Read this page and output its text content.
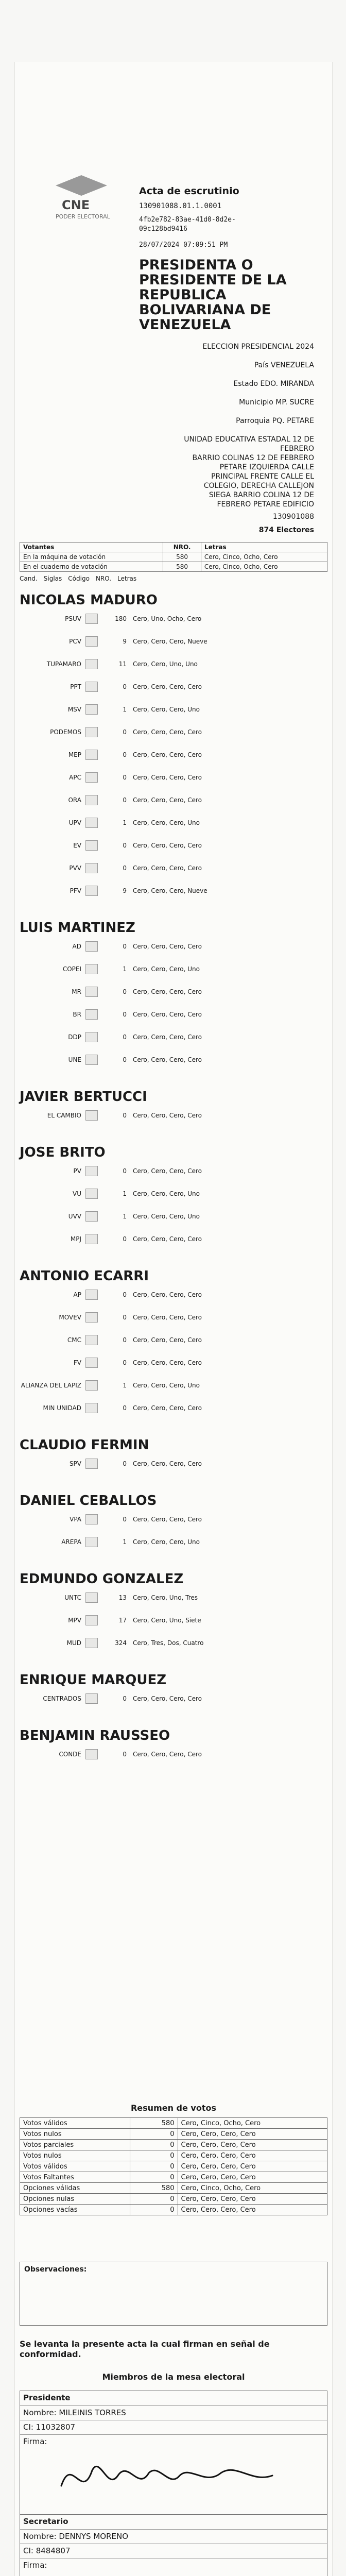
CNE
PODER ELECTORAL
Acta de escrutinio
130901088.01.1.0001
4fb2e782-83ae-41d0-8d2e-
09c128bd9416
28/07/2024 07:09:51 PM
PRESIDENTA O
PRESIDENTE DE LA
REPUBLICA
BOLIVARIANA DE
VENEZUELA
ELECCION PRESIDENCIAL 2024
País VENEZUELA
Estado EDO. MIRANDA
Municipio MP. SUCRE
Parroquia PQ. PETARE
UNIDAD EDUCATIVA ESTADAL 12 DE
FEBRERO
BARRIO COLINAS 12 DE FEBRERO
PETARE IZQUIERDA CALLE
PRINCIPAL FRENTE CALLE EL
COLEGIO, DERECHA CALLEJON
SIEGA BARRIO COLINA 12 DE
FEBRERO PETARE EDIFICIO
130901088
874 Electores
Votantes	NRO.	Letras
En la máquina de votación	580	Cero, Cinco, Ocho, Cero
En el cuaderno de votación	580	Cero, Cinco, Ocho, Cero
Cand. Siglas Código NRO. Letras
NICOLAS MADURO
PSUV	180 Cero, Uno, Ocho, Cero
PCV	9 Cero, Cero, Cero, Nueve
TUPAMARO	11 Cero, Cero, Uno, Uno
PPT	0 Cero, Cero, Cero, Cero
MSV	1 Cero, Cero, Cero, Uno
PODEMOS	0 Cero, Cero, Cero, Cero
MEP	0 Cero, Cero, Cero, Cero
APC	0 Cero, Cero, Cero, Cero
ORA	0 Cero, Cero, Cero, Cero
UPV	1 Cero, Cero, Cero, Uno
EV	0 Cero, Cero, Cero, Cero
PVV	0 Cero, Cero, Cero, Cero
PFV	9 Cero, Cero, Cero, Nueve
LUIS MARTINEZ
AD	0 Cero, Cero, Cero, Cero
COPEI	1 Cero, Cero, Cero, Uno
MR	0 Cero, Cero, Cero, Cero
BR	0 Cero, Cero, Cero, Cero
DDP	0 Cero, Cero, Cero, Cero
UNE	0 Cero, Cero, Cero, Cero
JAVIER BERTUCCI
EL CAMBIO	0 Cero, Cero, Cero, Cero
JOSE BRITO
PV	0 Cero, Cero, Cero, Cero
VU	1 Cero, Cero, Cero, Uno
UVV	1 Cero, Cero, Cero, Uno
MPJ	0 Cero, Cero, Cero, Cero
ANTONIO ECARRI
AP	0 Cero, Cero, Cero, Cero
MOVEV	0 Cero, Cero, Cero, Cero
CMC	0 Cero, Cero, Cero, Cero
FV	0 Cero, Cero, Cero, Cero
ALIANZA DEL LAPIZ	1 Cero, Cero, Cero, Uno
MIN UNIDAD	0 Cero, Cero, Cero, Cero
CLAUDIO FERMIN
SPV	0 Cero, Cero, Cero, Cero
DANIEL CEBALLOS
VPA	0 Cero, Cero, Cero, Cero
AREPA	1 Cero, Cero, Cero, Uno
EDMUNDO GONZALEZ
UNTC	13 Cero, Cero, Uno, Tres
MPV	17 Cero, Cero, Uno, Siete
MUD	324 Cero, Tres, Dos, Cuatro
ENRIQUE MARQUEZ
CENTRADOS	0 Cero, Cero, Cero, Cero
BENJAMIN RAUSSEO
CONDE	0 Cero, Cero, Cero, Cero
Resumen de votos
Votos válidos	580	Cero, Cinco, Ocho, Cero
Votos nulos	0	Cero, Cero, Cero, Cero
Votos parciales	0	Cero, Cero, Cero, Cero
Votos nulos	0	Cero, Cero, Cero, Cero
Votos válidos	0	Cero, Cero, Cero, Cero
Votos Faltantes	0	Cero, Cero, Cero, Cero
Opciones válidas	580	Cero, Cinco, Ocho, Cero
Opciones nulas	0	Cero, Cero, Cero, Cero
Opciones vacías	0	Cero, Cero, Cero, Cero
Observaciones:
Se levanta la presente acta la cual firman en señal de conformidad.
Miembros de la mesa electoral
Presidente
Nombre: MILEINIS TORRES
CI: 11032807
Firma:
Secretario
Nombre: DENNYS MORENO
CI: 8484807
Firma:
